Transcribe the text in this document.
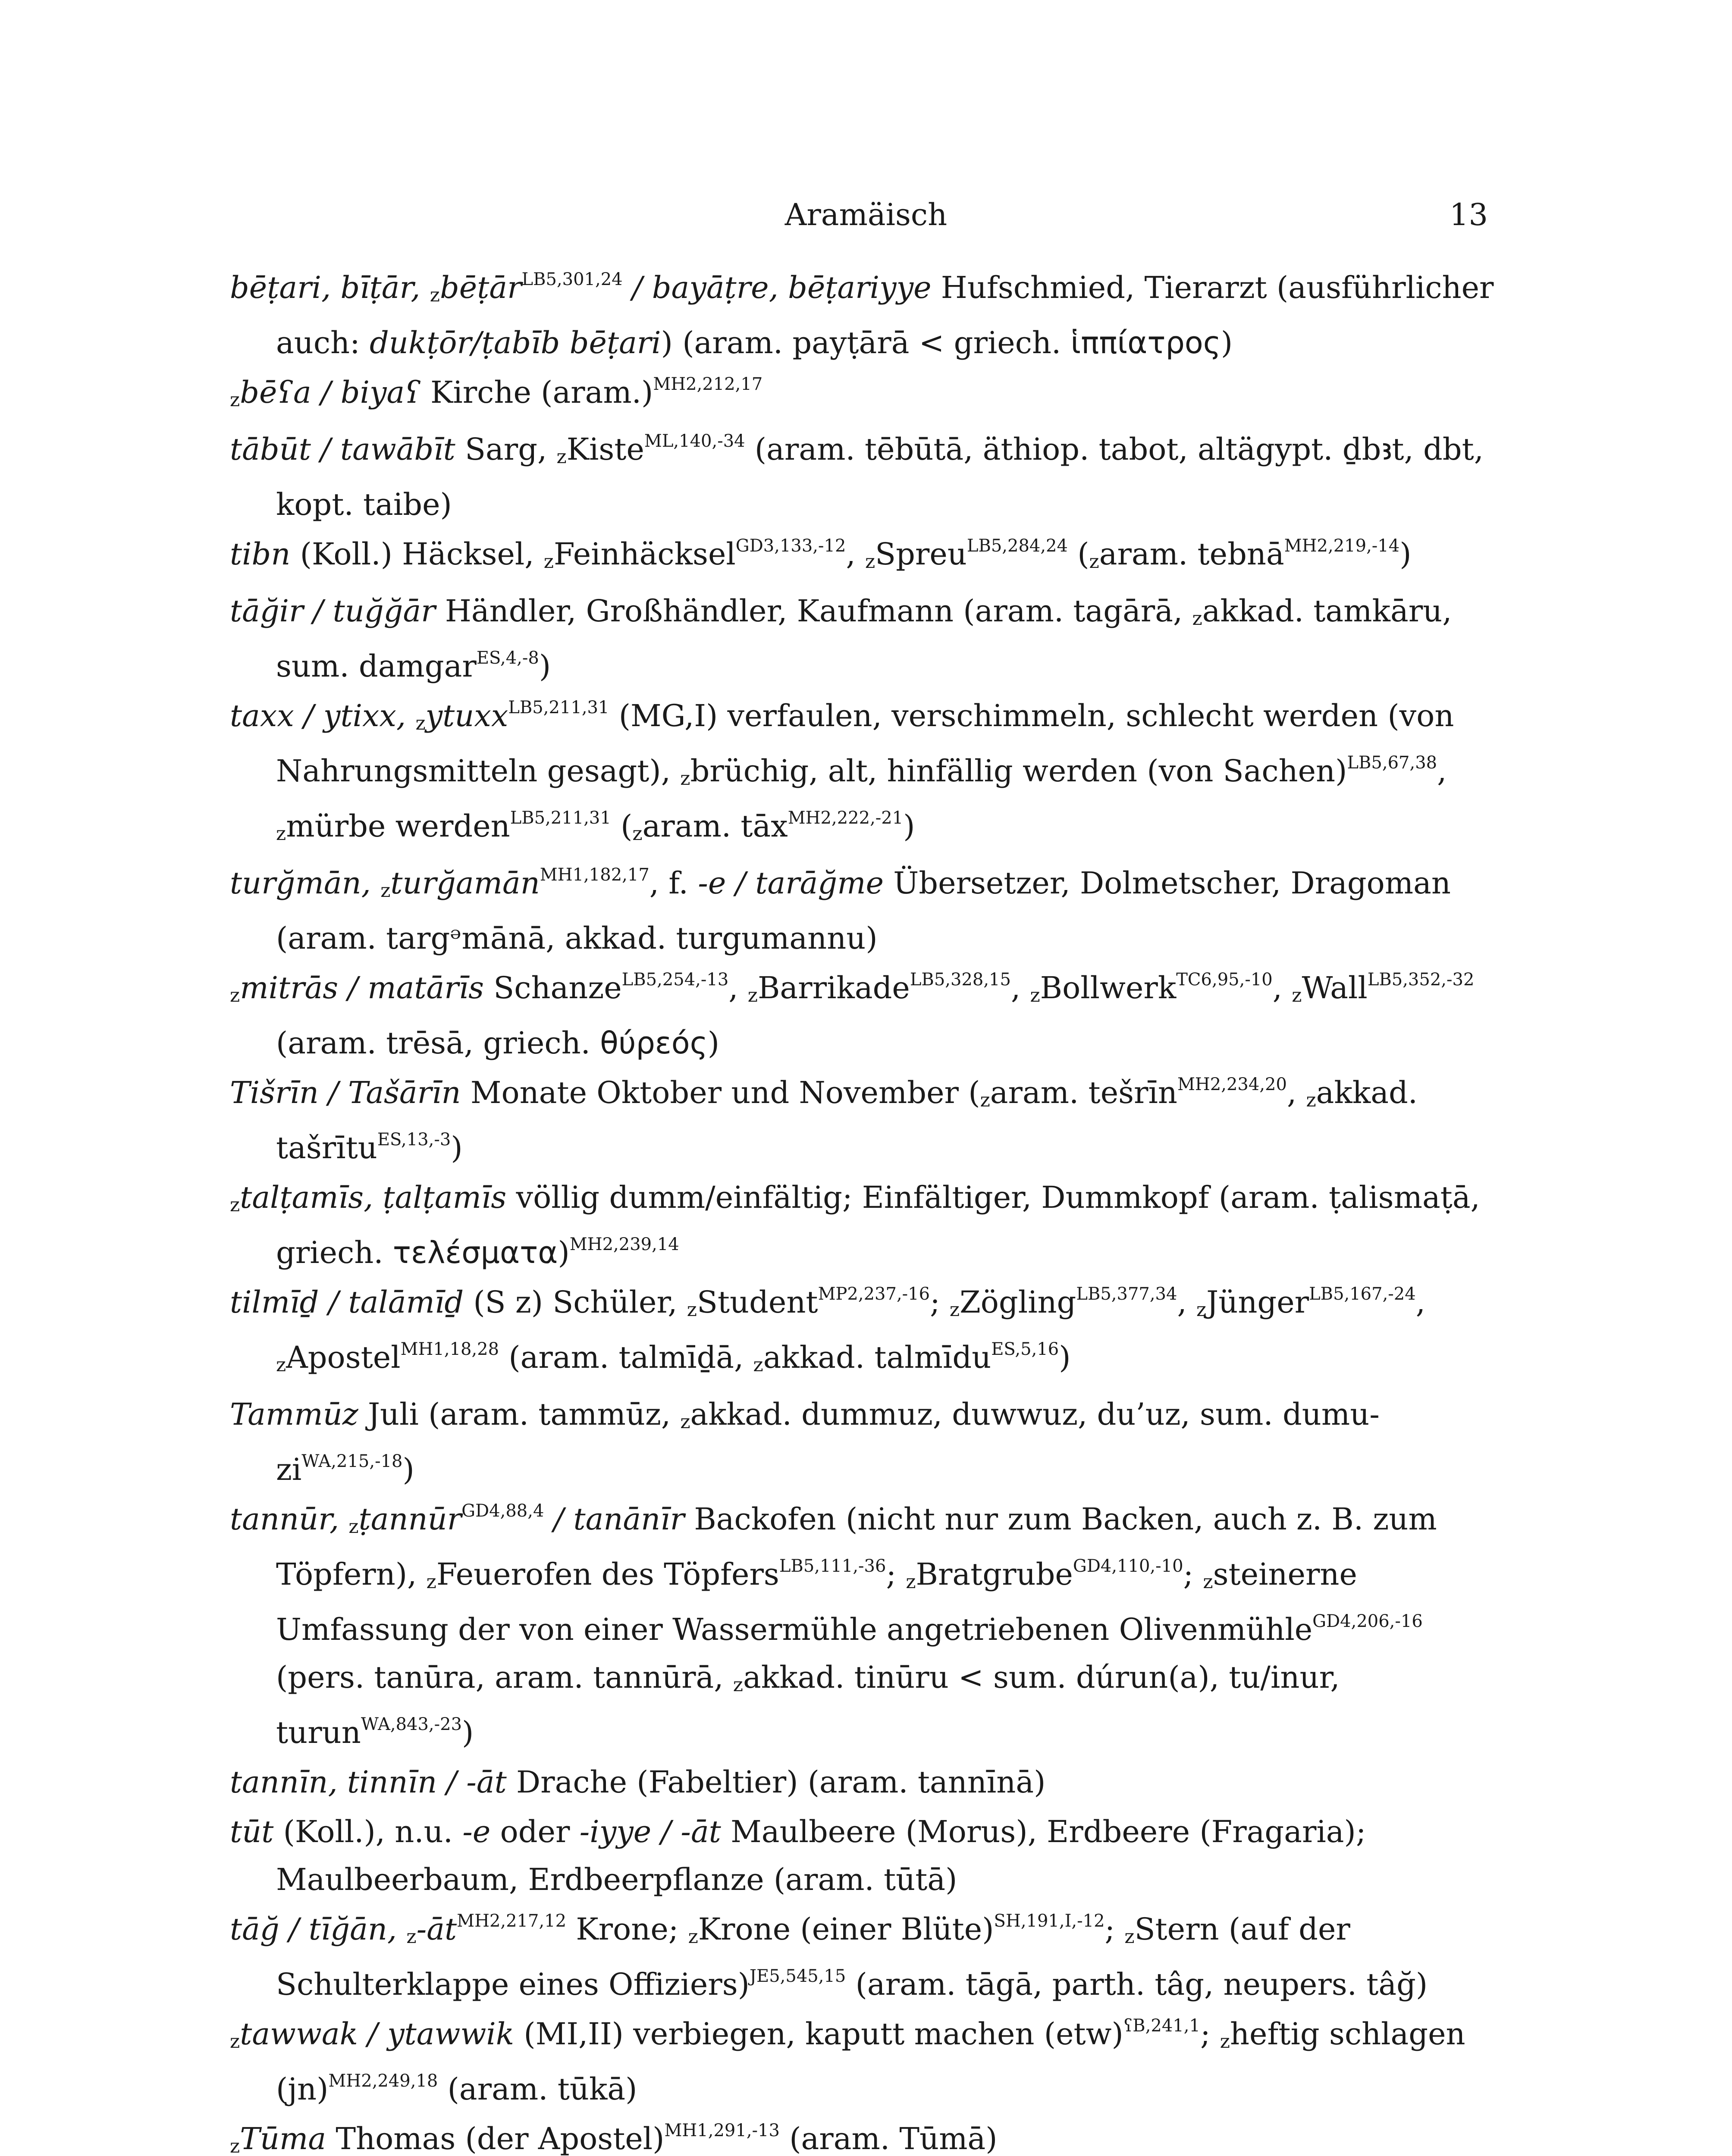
Aramäisch	13

bēṭari, bīṭār, zbēṭār$^{LB5,301,24}$ / bayāṭre, bēṭariyye Hufschmied, Tierarzt (ausführlicher auch: dukṭōr/ṭabīb bēṭari) (aram. payṭārā < griech. ἱππίατρος)

zbēʕa / biyaʕ Kirche (aram.)$^{MH2,212,17}$

tābūt / tawābīt Sarg, zKiste$^{ML,140,-34}$ (aram. tēbūtā, äthiop. tabot, altägypt. ḏbꜣt, dbt, kopt. taibe)

tibn (Koll.) Häcksel, zFeinhäcksel$^{GD3,133,-12}$, zSpreu$^{LB5,284,24}$ (zaram. tebnā$^{MH2,219,-14}$)

tāğir / tuğğār Händler, Großhändler, Kaufmann (aram. tagārā, zakkad. tamkāru, sum. damgar$^{ES,4,-8}$)

taxx / ytixx, zytuxx$^{LB5,211,31}$ (MG,I) verfaulen, verschimmeln, schlecht werden (von Nahrungsmitteln gesagt), zbrüchig, alt, hinfällig werden (von Sachen)$^{LB5,67,38}$, zmürbe werden$^{LB5,211,31}$ (zaram. tāx$^{MH2,222,-21}$)

turğmān, zturğamān$^{MH1,182,17}$, f. -e / tarāğme Übersetzer, Dolmetscher, Dragoman (aram. targᵊmānā, akkad. turgumannu)

zmitrās / matārīs Schanze$^{LB5,254,-13}$, zBarrikade$^{LB5,328,15}$, zBollwerk$^{TC6,95,-10}$, zWall$^{LB5,352,-32}$ (aram. trēsā, griech. θύρεός)

Tišrīn / Tašārīn Monate Oktober und November (zaram. tešrīn$^{MH2,234,20}$, zakkad. tašrītu$^{ES,13,-3}$)

ztalṭamīs, ṭalṭamīs völlig dumm/einfältig; Einfältiger, Dummkopf (aram. ṭalismaṭā, griech. τελέσματα)$^{MH2,239,14}$

tilmīḏ / talāmīḏ (S z) Schüler, zStudent$^{MP2,237,-16}$; zZögling$^{LB5,377,34}$, zJünger$^{LB5,167,-24}$, zApostel$^{MH1,18,28}$ (aram. talmīḏā, zakkad. talmīdu$^{ES,5,16}$)

Tammūz Juli (aram. tammūz, zakkad. dummuz, duwwuz, du’uz, sum. dumu-zi$^{WA,215,-18}$)

tannūr, zṭannūr$^{GD4,88,4}$ / tanānīr Backofen (nicht nur zum Backen, auch z. B. zum Töpfern), zFeuerofen des Töpfers$^{LB5,111,-36}$; zBratgrube$^{GD4,110,-10}$; zsteinerne Umfassung der von einer Wassermühle angetriebenen Olivenmühle$^{GD4,206,-16}$ (pers. tanūra, aram. tannūrā, zakkad. tinūru < sum. dúrun(a), tu/inur, turun$^{WA,843,-23}$)

tannīn, tinnīn / -āt Drache (Fabeltier) (aram. tannīnā)

tūt (Koll.), n.u. -e oder -iyye / -āt Maulbeere (Morus), Erdbeere (Fragaria); Maulbeerbaum, Erdbeerpflanze (aram. tūtā)

tāğ / tīğān, z-āt$^{MH2,217,12}$ Krone; zKrone (einer Blüte)$^{SH,191,I,-12}$; zStern (auf der Schulterklappe eines Offiziers)$^{JE5,545,15}$ (aram. tāgā, parth. tâg, neupers. tâğ)

ztawwak / ytawwik (MI,II) verbiegen, kaputt machen (etw)$^{ʕB,241,1}$; zheftig schlagen (jn)$^{MH2,249,18}$ (aram. tūkā)

zTūma Thomas (der Apostel)$^{MH1,291,-13}$ (aram. Tūmā)
